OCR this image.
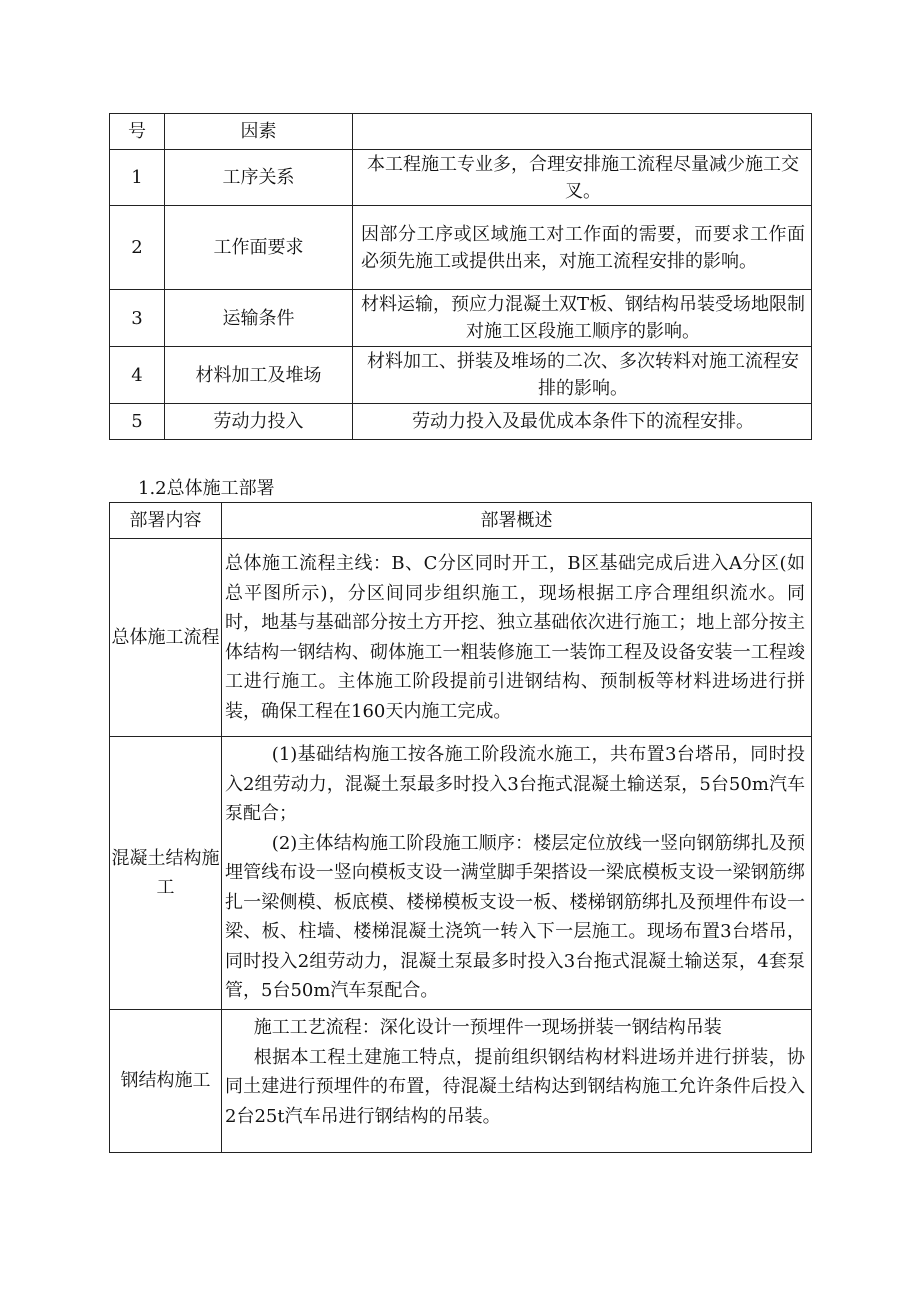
号	因素	
1	工序关系	本工程施工专业多，合理安排施工流程尽量减少施工交叉。

2	工作面要求	因部分工序或区域施工对工作面的需要，而要求工作面必须先施工或提供出来，对施工流程安排的影响。

3	运输条件	材料运输，预应力混凝土双T板、钢结构吊装受场地限制对施工区段施工顺序的影响。

4	材料加工及堆场	材料加工、拼装及堆场的二次、多次转料对施工流程安排的影响。

5	劳动力投入	劳动力投入及最优成本条件下的流程安排。
1.2总体施工部署
部署内容	部署概述
总体施工流程	总体施工流程主线：B、C分区同时开工，B区基础完成后进入A分区(如总平图所示)，分区间同步组织施工，现场根据工序合理组织流水。同时，地基与基础部分按土方开挖、独立基础依次进行施工；地上部分按主体结构一钢结构、砌体施工一粗装修施工一装饰工程及设备安装一工程竣工进行施工。主体施工阶段提前引进钢结构、预制板等材料进场进行拼装，确保工程在160天内施工完成。

混凝土结构施工	(1)基础结构施工按各施工阶段流水施工，共布置3台塔吊，同时投入2组劳动力，混凝土泵最多时投入3台拖式混凝土输送泵，5台50m汽车泵配合；
(2)主体结构施工阶段施工顺序：楼层定位放线一竖向钢筋绑扎及预埋管线布设一竖向模板支设一满堂脚手架搭设一梁底模板支设一梁钢筋绑扎一梁侧模、板底模、楼梯模板支设一板、楼梯钢筋绑扎及预埋件布设一梁、板、柱墙、楼梯混凝土浇筑一转入下一层施工。现场布置3台塔吊，同时投入2组劳动力，混凝土泵最多时投入3台拖式混凝土输送泵，4套泵管，5台50m汽车泵配合。

钢结构施工	施工工艺流程：深化设计一预埋件一现场拼装一钢结构吊装
根据本工程土建施工特点，提前组织钢结构材料进场并进行拼装，协同土建进行预埋件的布置，待混凝土结构达到钢结构施工允许条件后投入2台25t汽车吊进行钢结构的吊装。
